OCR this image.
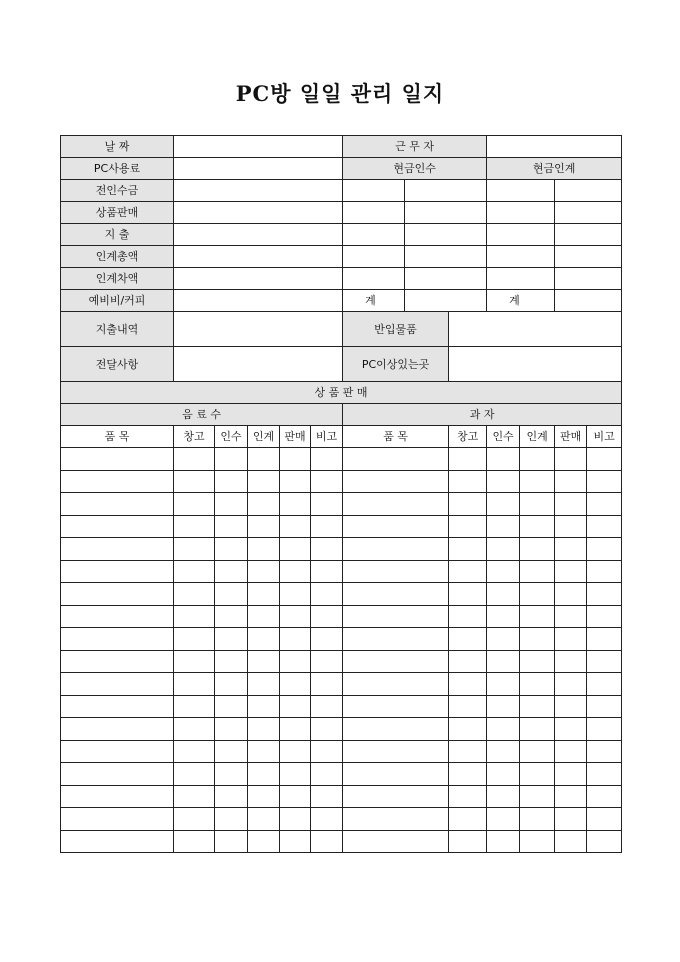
PC방 일일 관리 일지
날 짜						근 무 자						
PC사용료						현금인수			현금인계			
전인수금												
상품판매												
지 출												
인계총액												
인계차액												
예비비/커피						계			계			
지출내역						반입물품						
전달사항						PC이상있는곳						
상 품 판 매												
음 료 수						과 자						
품 목	창고	인수	인계	판매	비고	품 목		창고	인수	인계	판매	비고
